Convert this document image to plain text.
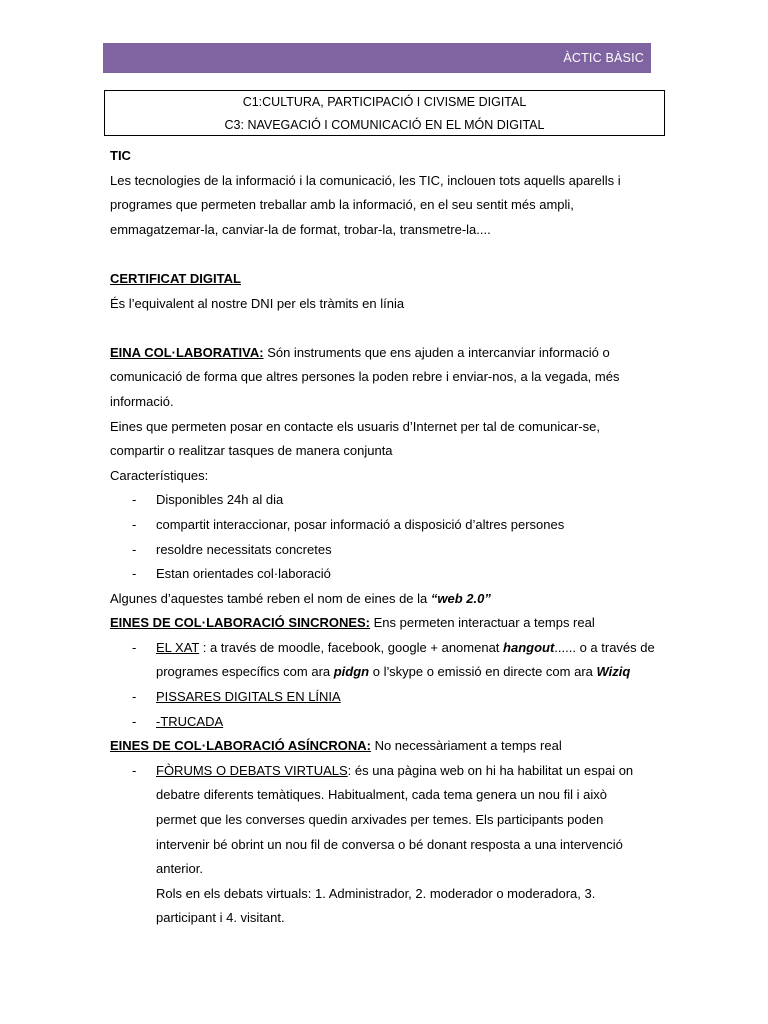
ÀCTIC BÀSIC
C1:CULTURA, PARTICIPACIÓ I CIVISME DIGITAL
C3: NAVEGACIÓ I COMUNICACIÓ EN EL MÓN DIGITAL

TIC

Les tecnologies de la informació i la comunicació, les TIC, inclouen tots aquells aparells i

programes que permeten treballar amb la informació, en el seu sentit més ampli,

emmagatzemar-la, canviar-la de format, trobar-la, transmetre-la....

CERTIFICAT DIGITAL

És l’equivalent al nostre DNI per els tràmits en línia

EINA COL·LABORATIVA: Són instruments que ens ajuden a intercanviar informació o

comunicació de forma que altres persones la poden rebre i enviar-nos, a la vegada, més

informació.

Eines que permeten posar en contacte els usuaris d’Internet per tal de comunicar-se,

compartir o realitzar tasques de manera conjunta

Característiques:

- Disponibles 24h al dia
- compartit interaccionar, posar informació a disposició d’altres persones
- resoldre necessitats concretes
- Estan orientades col·laboració

Algunes d’aquestes també reben el nom de eines de la “web 2.0”

EINES DE COL·LABORACIÓ SINCRONES: Ens permeten interactuar a temps real

- EL XAT : a través de moodle, facebook, google + anomenat hangout...... o a través de
programes específics com ara pidgn o l’skype o emissió en directe com ara Wiziq
- PISSARES DIGITALS EN LÍNIA
- -TRUCADA

EINES DE COL·LABORACIÓ ASÍNCRONA: No necessàriament a temps real

- FÒRUMS O DEBATS VIRTUALS: és una pàgina web on hi ha habilitat un espai on
debatre diferents temàtiques. Habitualment, cada tema genera un nou fil i això
permet que les converses quedin arxivades per temes. Els participants poden
intervenir bé obrint un nou fil de conversa o bé donant resposta a una intervenció
anterior.
Rols en els debats virtuals: 1. Administrador, 2. moderador o moderadora, 3.
participant i 4. visitant.
